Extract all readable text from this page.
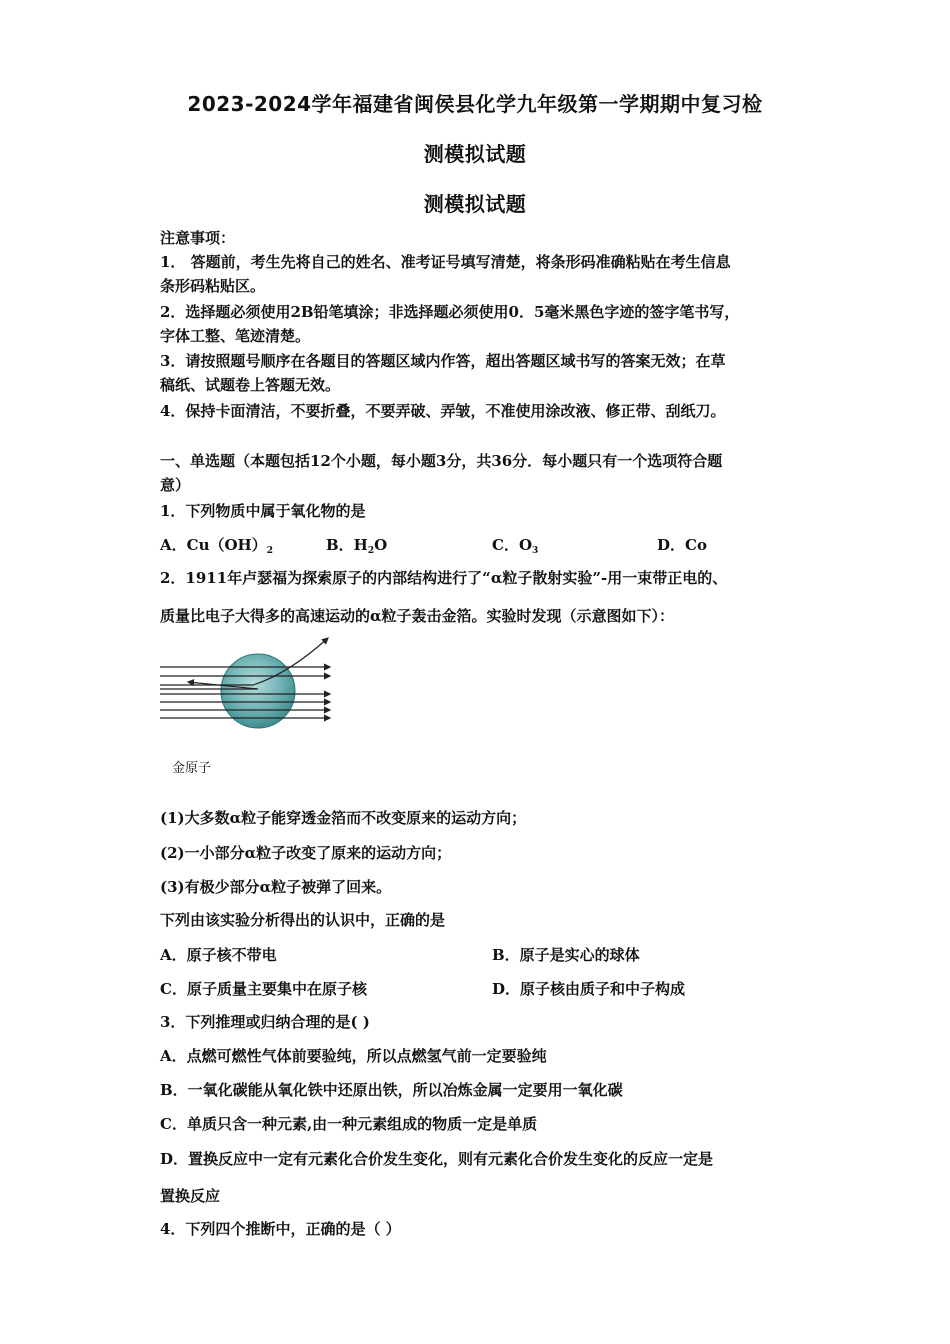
2023-2024学年福建省闽侯县化学九年级第一学期期中复习检
测模拟试题
测模拟试题
注意事项：
1． 答题前，考生先将自己的姓名、准考证号填写清楚，将条形码准确粘贴在考生信息
条形码粘贴区。
2．选择题必须使用2B铅笔填涂；非选择题必须使用0．5毫米黑色字迹的签字笔书写，
字体工整、笔迹清楚。
3．请按照题号顺序在各题目的答题区域内作答，超出答题区域书写的答案无效；在草
稿纸、试题卷上答题无效。
4．保持卡面清洁，不要折叠，不要弄破、弄皱，不准使用涂改液、修正带、刮纸刀。
一、单选题（本题包括12个小题，每小题3分，共36分．每小题只有一个选项符合题
意）
1．下列物质中属于氧化物的是
A．$Cu(OH)_2$	B．$H_2O$	C．$O_3$	D．Co
2．1911年卢瑟福为探索原子的内部结构进行了“α粒子散射实验”-用一束带正电的、
质量比电子大得多的高速运动的α粒子轰击金箔。实验时发现（示意图如下）：
金原子
(1)大多数α粒子能穿透金箔而不改变原来的运动方向；
(2)一小部分α粒子改变了原来的运动方向；
(3)有极少部分α粒子被弹了回来。
下列由该实验分析得出的认识中，正确的是
A．原子核不带电	B．原子是实心的球体
C．原子质量主要集中在原子核	D．原子核由质子和中子构成
3．下列推理或归纳合理的是( )
A．点燃可燃性气体前要验纯，所以点燃氢气前一定要验纯
B．一氧化碳能从氧化铁中还原出铁，所以冶炼金属一定要用一氧化碳
C．单质只含一种元素,由一种元素组成的物质一定是单质
D．置换反应中一定有元素化合价发生变化，则有元素化合价发生变化的反应一定是
置换反应
4．下列四个推断中，正确的是（ ）
